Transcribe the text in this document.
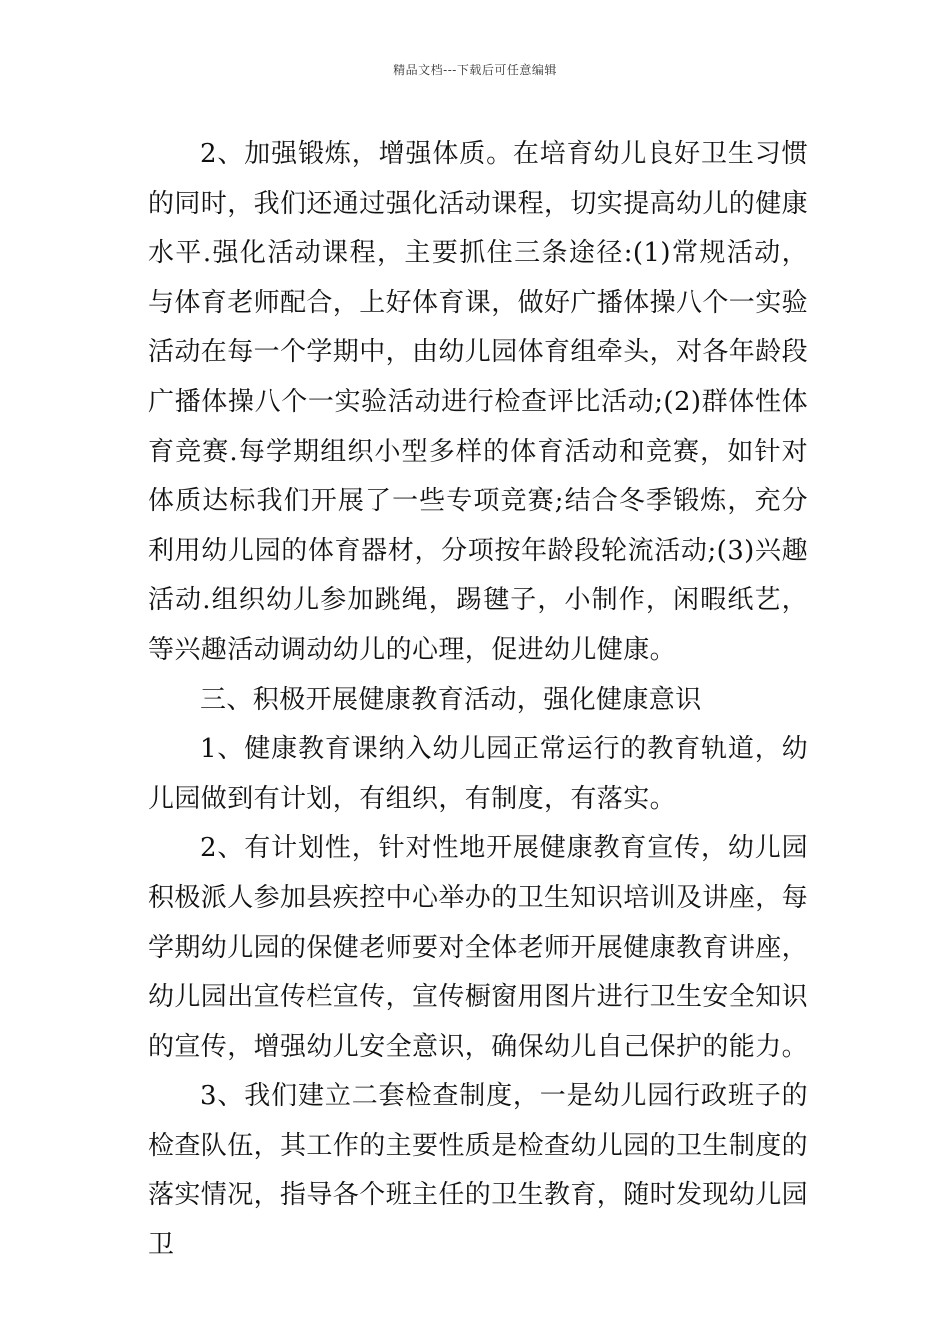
精品文档---下载后可任意编辑

2、加强锻炼，增强体质。在培育幼儿良好卫生习惯的同时，我们还通过强化活动课程，切实提高幼儿的健康水平.强化活动课程，主要抓住三条途径:(1)常规活动，与体育老师配合，上好体育课，做好广播体操八个一实验活动在每一个学期中，由幼儿园体育组牵头，对各年龄段广播体操八个一实验活动进行检查评比活动;(2)群体性体育竞赛.每学期组织小型多样的体育活动和竞赛，如针对体质达标我们开展了一些专项竞赛;结合冬季锻炼，充分利用幼儿园的体育器材，分项按年龄段轮流活动;(3)兴趣活动.组织幼儿参加跳绳，踢毽子，小制作，闲暇纸艺，等兴趣活动调动幼儿的心理，促进幼儿健康。

三、积极开展健康教育活动，强化健康意识

1、健康教育课纳入幼儿园正常运行的教育轨道，幼儿园做到有计划，有组织，有制度，有落实。

2、有计划性，针对性地开展健康教育宣传，幼儿园积极派人参加县疾控中心举办的卫生知识培训及讲座，每学期幼儿园的保健老师要对全体老师开展健康教育讲座，幼儿园出宣传栏宣传，宣传橱窗用图片进行卫生安全知识的宣传，增强幼儿安全意识，确保幼儿自己保护的能力。

3、我们建立二套检查制度，一是幼儿园行政班子的检查队伍，其工作的主要性质是检查幼儿园的卫生制度的落实情况，指导各个班主任的卫生教育，随时发现幼儿园卫
